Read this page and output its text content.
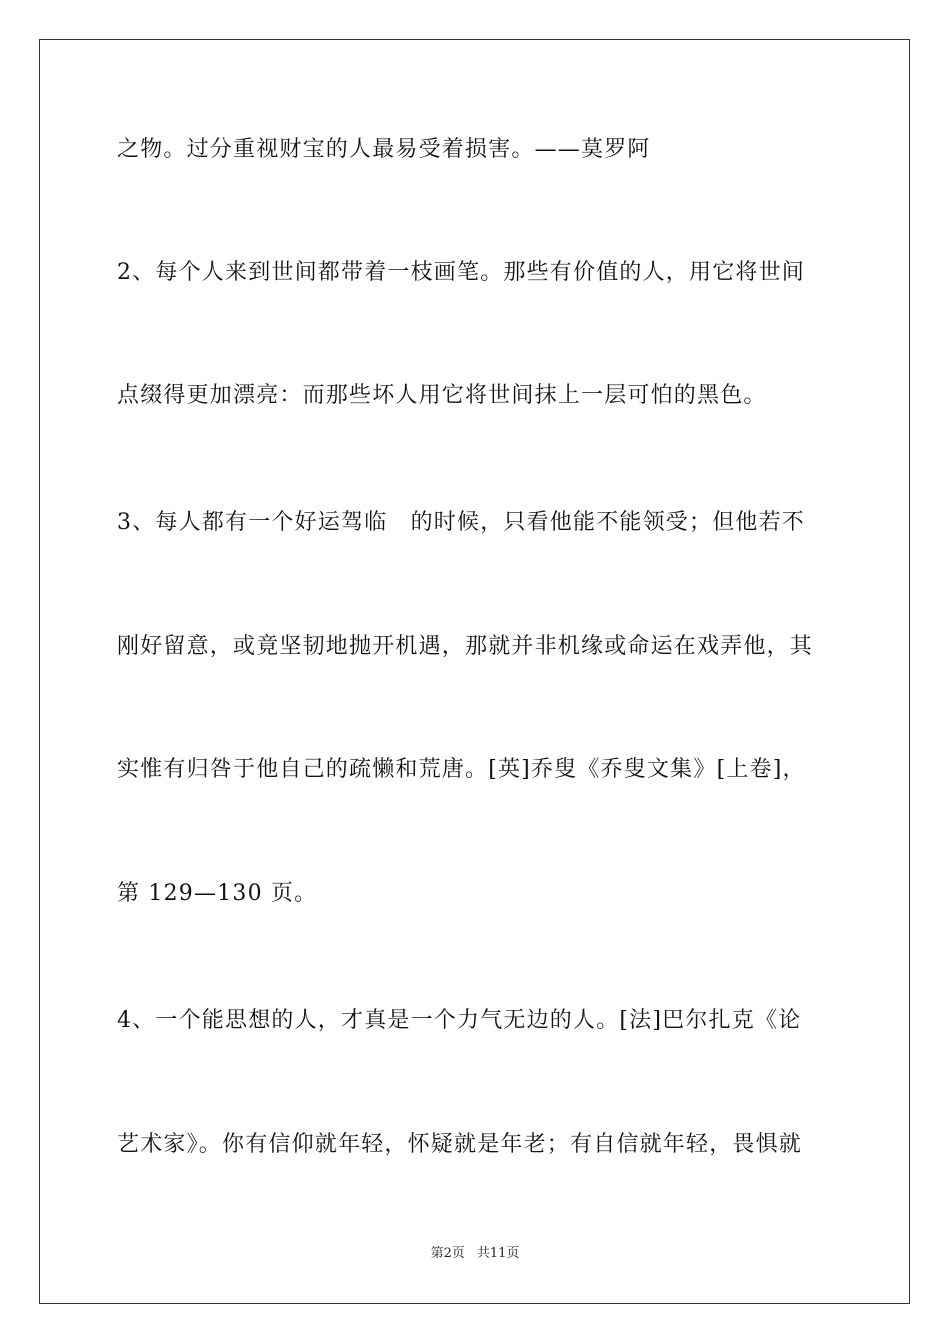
之物。过分重视财宝的人最易受着损害。——莫罗阿
2、每个人来到世间都带着一枝画笔。那些有价值的人，用它将世间
点缀得更加漂亮：而那些坏人用它将世间抹上一层可怕的黑色。
3、每人都有一个好运驾临　的时候，只看他能不能领受；但他若不
刚好留意，或竟坚韧地抛开机遇，那就并非机缘或命运在戏弄他，其
实惟有归咎于他自己的疏懒和荒唐。[英]乔叟《乔叟文集》[上卷]，
第 129—130 页。
4、一个能思想的人，才真是一个力气无边的人。[法]巴尔扎克《论
艺术家》。你有信仰就年轻，怀疑就是年老；有自信就年轻，畏惧就
第2页 共11页
